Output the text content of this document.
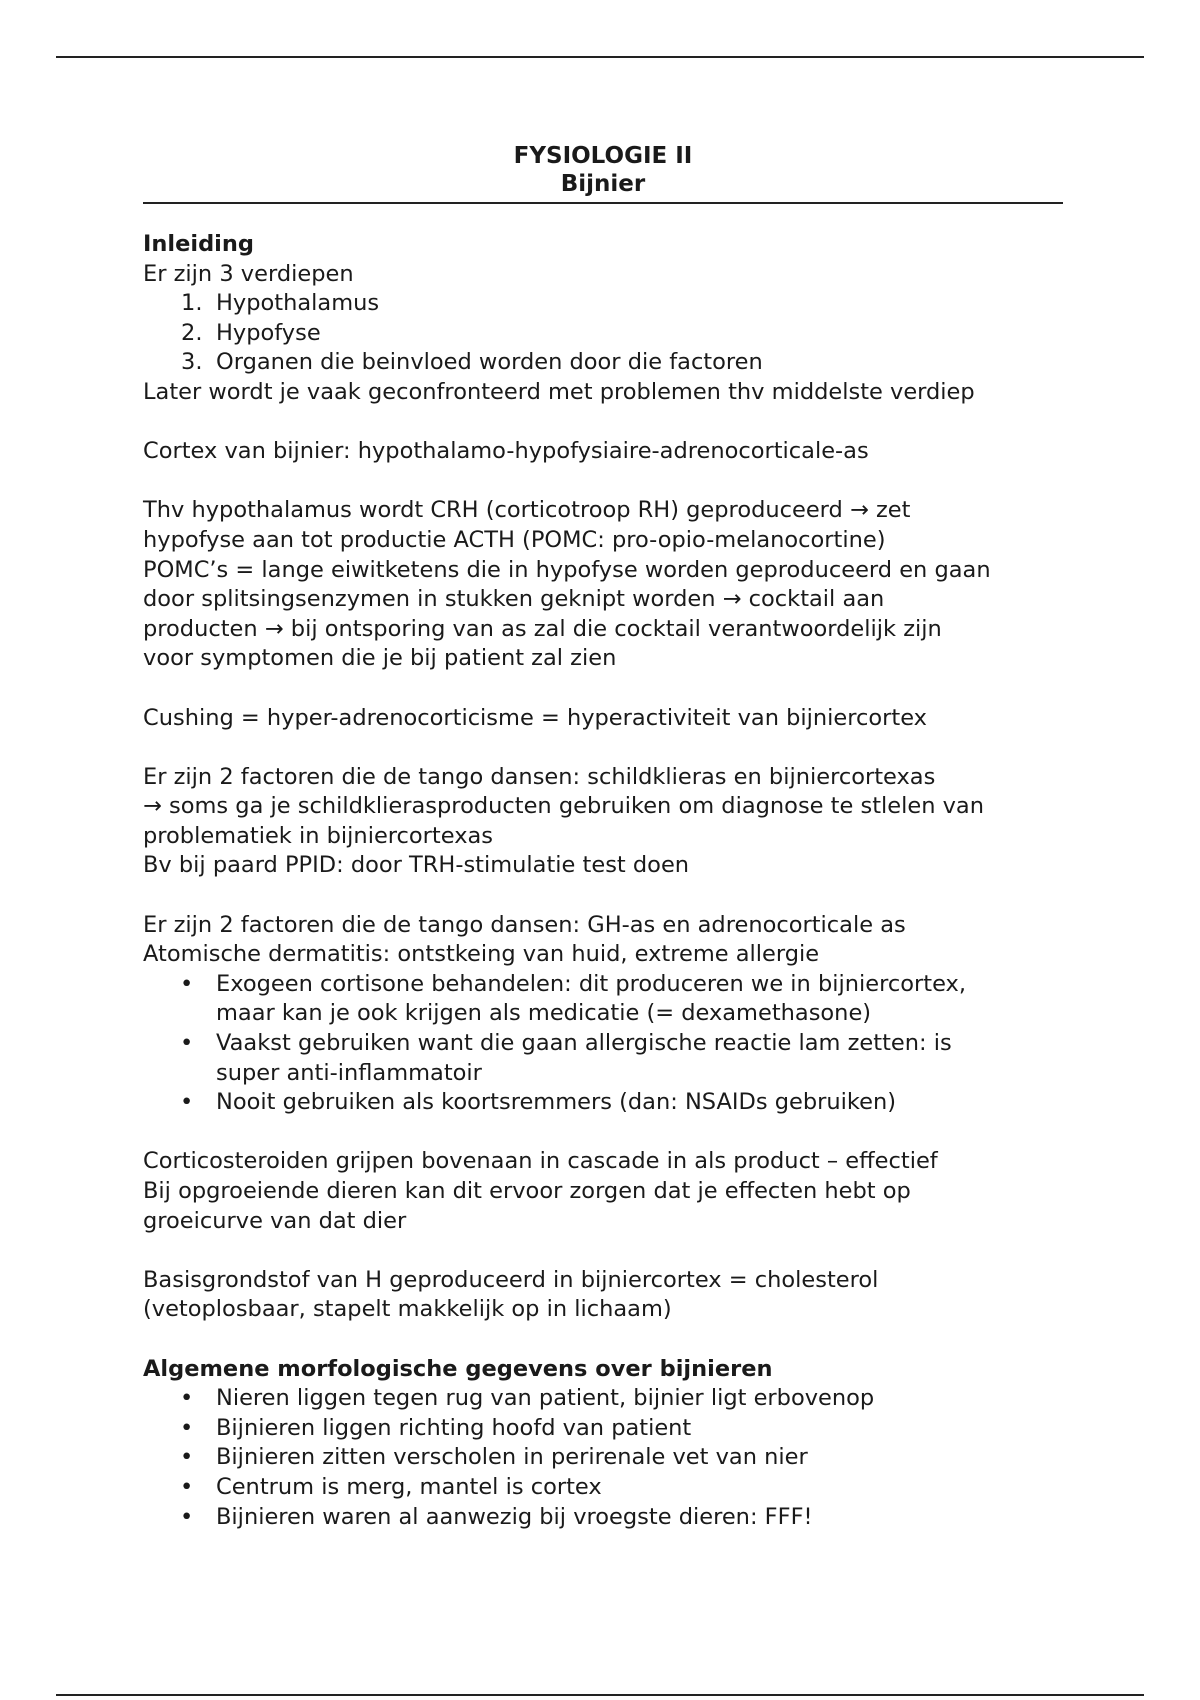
FYSIOLOGIE II
Bijnier

Inleiding

Er zijn 3 verdiepen

1. Hypothalamus
2. Hypofyse
3. Organen die beinvloed worden door die factoren

Later wordt je vaak geconfronteerd met problemen thv middelste verdiep

Cortex van bijnier: hypothalamo-hypofysiaire-adrenocorticale-as

Thv hypothalamus wordt CRH (corticotroop RH) geproduceerd → zet

hypofyse aan tot productie ACTH (POMC: pro-opio-melanocortine)

POMC’s = lange eiwitketens die in hypofyse worden geproduceerd en gaan

door splitsingsenzymen in stukken geknipt worden → cocktail aan

producten → bij ontsporing van as zal die cocktail verantwoordelijk zijn

voor symptomen die je bij patient zal zien

Cushing = hyper-adrenocorticisme = hyperactiviteit van bijniercortex

Er zijn 2 factoren die de tango dansen: schildklieras en bijniercortexas

→ soms ga je schildklierasproducten gebruiken om diagnose te stlelen van

problematiek in bijniercortexas

Bv bij paard PPID: door TRH-stimulatie test doen

Er zijn 2 factoren die de tango dansen: GH-as en adrenocorticale as

Atomische dermatitis: ontstkeing van huid, extreme allergie

• Exogeen cortisone behandelen: dit produceren we in bijniercortex,

maar kan je ook krijgen als medicatie (= dexamethasone)

• Vaakst gebruiken want die gaan allergische reactie lam zetten: is

super anti-inflammatoir

• Nooit gebruiken als koortsremmers (dan: NSAIDs gebruiken)

Corticosteroiden grijpen bovenaan in cascade in als product – effectief

Bij opgroeiende dieren kan dit ervoor zorgen dat je effecten hebt op

groeicurve van dat dier

Basisgrondstof van H geproduceerd in bijniercortex = cholesterol

(vetoplosbaar, stapelt makkelijk op in lichaam)

Algemene morfologische gegevens over bijnieren

• Nieren liggen tegen rug van patient, bijnier ligt erbovenop
• Bijnieren liggen richting hoofd van patient
• Bijnieren zitten verscholen in perirenale vet van nier
• Centrum is merg, mantel is cortex
• Bijnieren waren al aanwezig bij vroegste dieren: FFF!
